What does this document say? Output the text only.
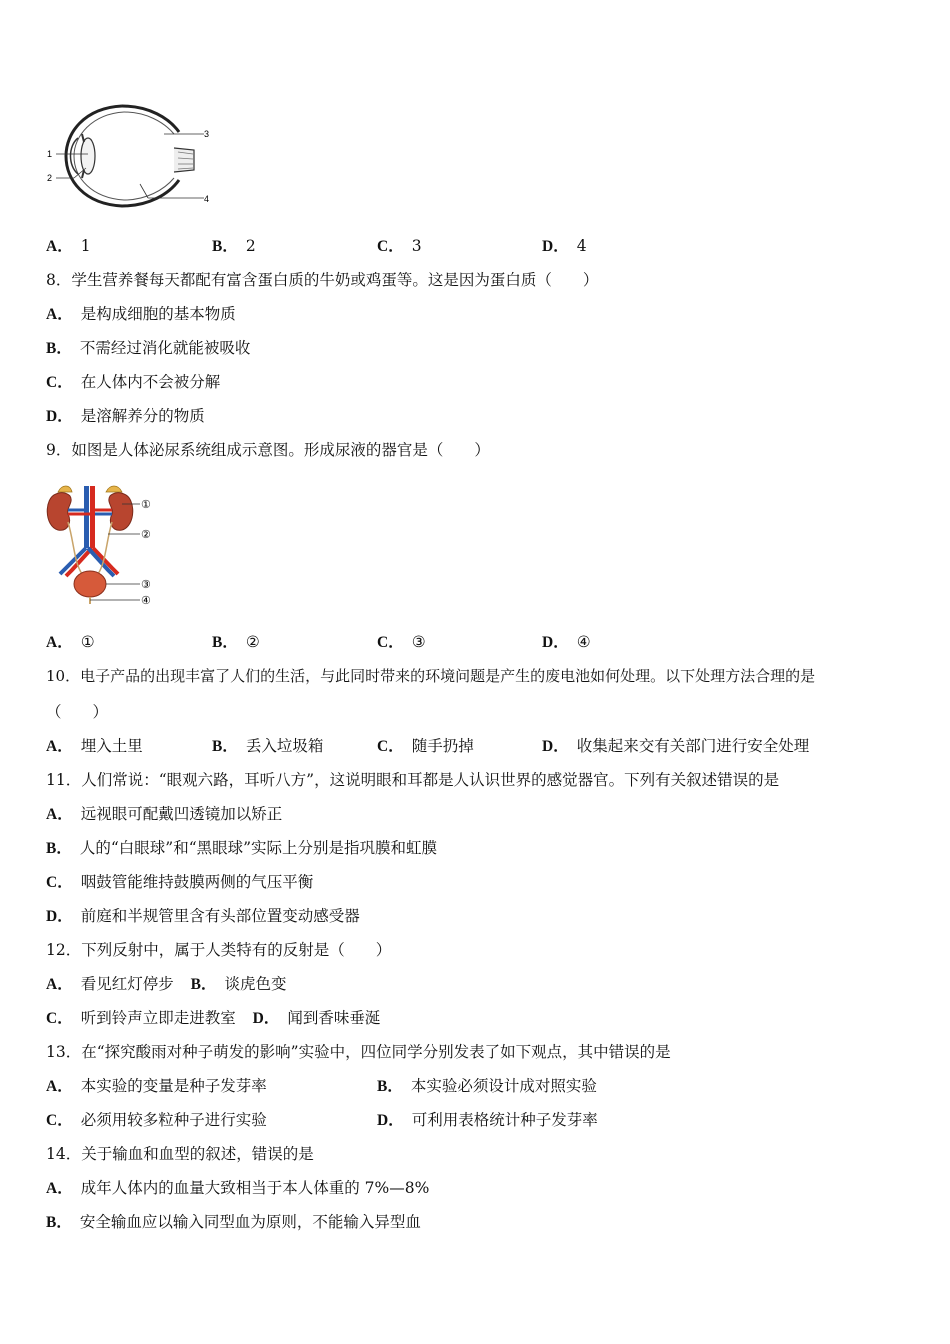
1
2
3
4
A． 1	B． 2	C． 3	D． 4
8．学生营养餐每天都配有富含蛋白质的牛奶或鸡蛋等。这是因为蛋白质（　　）
A． 是构成细胞的基本物质
B． 不需经过消化就能被吸收
C． 在人体内不会被分解
D． 是溶解养分的物质
9．如图是人体泌尿系统组成示意图。形成尿液的器官是（　　）
①
②
③
④
A． ①	B． ②	C． ③	D． ④
10．电子产品的出现丰富了人们的生活，与此同时带来的环境问题是产生的废电池如何处理。以下处理方法合理的是
（　　）
A． 埋入土里	B． 丢入垃圾箱	C． 随手扔掉	D． 收集起来交有关部门进行安全处理
11．人们常说：“眼观六路，耳听八方”，这说明眼和耳都是人认识世界的感觉器官。下列有关叙述错误的是
A． 远视眼可配戴凹透镜加以矫正
B． 人的“白眼球”和“黑眼球”实际上分别是指巩膜和虹膜
C． 咽鼓管能维持鼓膜两侧的气压平衡
D． 前庭和半规管里含有头部位置变动感受器
12．下列反射中，属于人类特有的反射是（　　）
A． 看见红灯停步 B． 谈虎色变
C． 听到铃声立即走进教室 D． 闻到香味垂涎
13．在“探究酸雨对种子萌发的影响”实验中，四位同学分别发表了如下观点，其中错误的是
A． 本实验的变量是种子发芽率	B． 本实验必须设计成对照实验
C． 必须用较多粒种子进行实验	D． 可利用表格统计种子发芽率
14．关于输血和血型的叙述，错误的是
A． 成年人体内的血量大致相当于本人体重的 7%—8%
B． 安全输血应以输入同型血为原则，不能输入异型血
